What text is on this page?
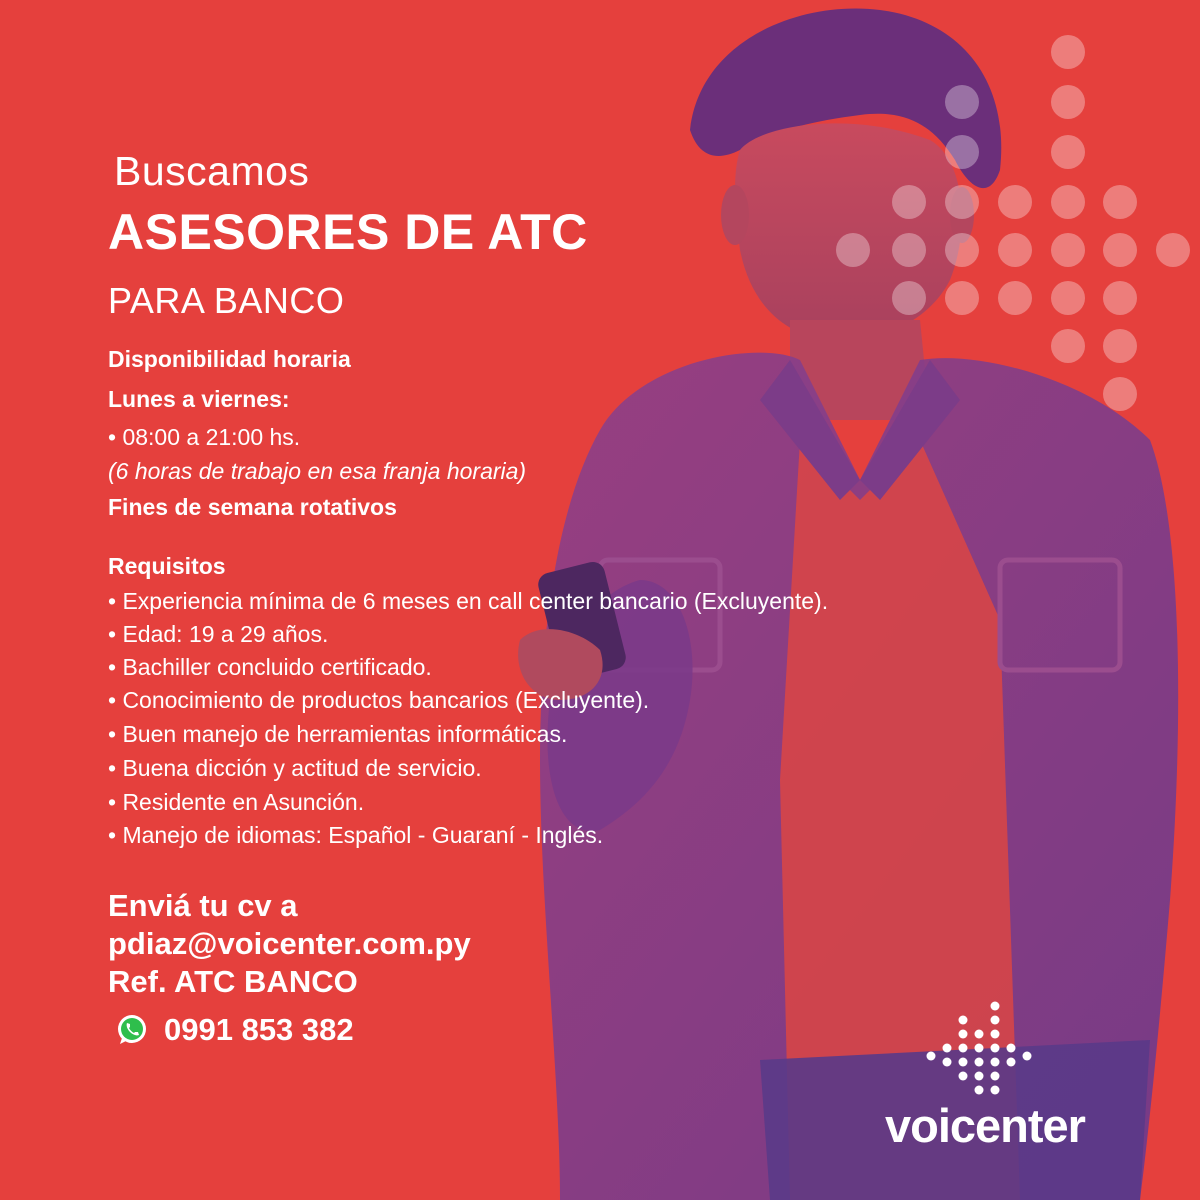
Buscamos
ASESORES DE ATC
PARA BANCO
Disponibilidad horaria
Lunes a viernes:
• 08:00 a 21:00 hs.
(6 horas de trabajo en esa franja horaria)
Fines de semana rotativos
Requisitos
• Experiencia mínima de 6 meses en call center bancario (Excluyente).
• Edad: 19 a 29 años.
• Bachiller concluido certificado.
• Conocimiento de productos bancarios (Excluyente).
• Buen manejo de herramientas informáticas.
• Buena dicción y actitud de servicio.
• Residente en Asunción.
• Manejo de idiomas: Español - Guaraní - Inglés.
Enviá tu cv a
pdiaz@voicenter.com.py
Ref. ATC BANCO
0991 853 382
voicenter
